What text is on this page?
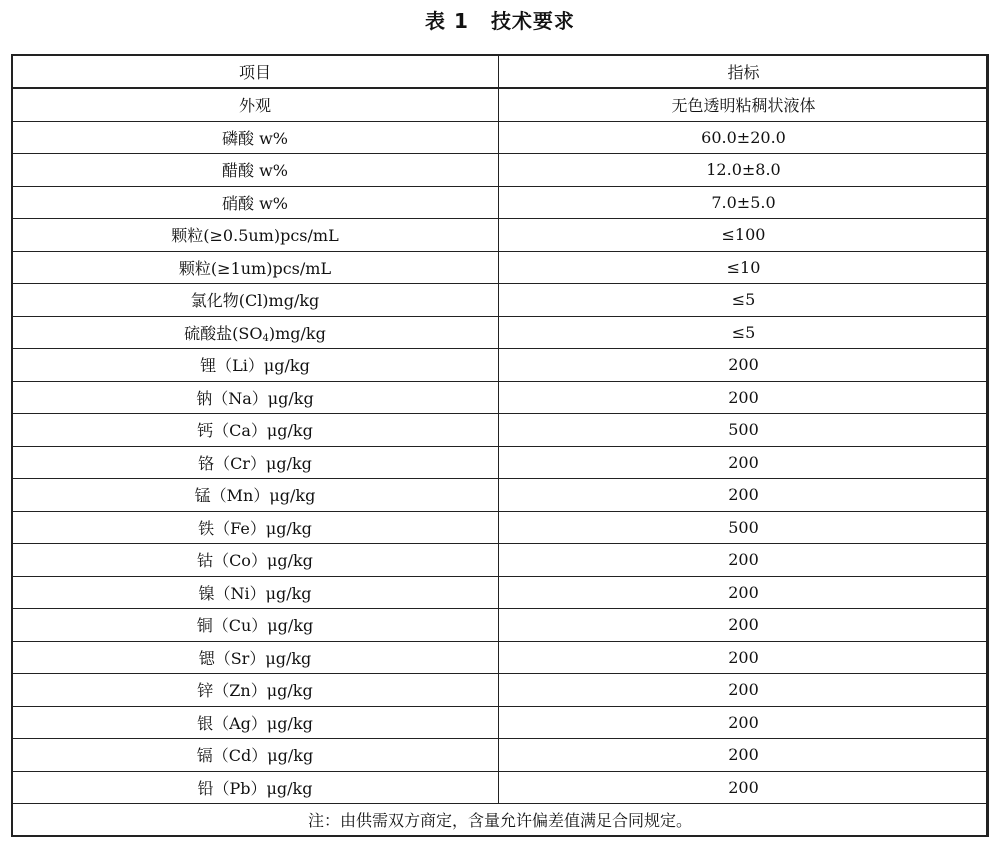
表 1 技术要求
项目	指标
外观	无色透明粘稠状液体
磷酸 w%	60.0±20.0
醋酸 w%	12.0±8.0
硝酸 w%	7.0±5.0
颗粒(≥0.5um)pcs/mL	≤100
颗粒(≥1um)pcs/mL	≤10
氯化物(Cl)mg/kg	≤5
硫酸盐$(SO_4)mg/kg$	≤5
锂（Li）μg/kg	200
钠（Na）μg/kg	200
钙（Ca）μg/kg	500
铬（Cr）μg/kg	200
锰（Mn）μg/kg	200
铁（Fe）μg/kg	500
钴（Co）μg/kg	200
镍（Ni）μg/kg	200
铜（Cu）μg/kg	200
锶（Sr）μg/kg	200
锌（Zn）μg/kg	200
银（Ag）μg/kg	200
镉（Cd）μg/kg	200
铅（Pb）μg/kg	200
注：由供需双方商定，含量允许偏差值满足合同规定。	
